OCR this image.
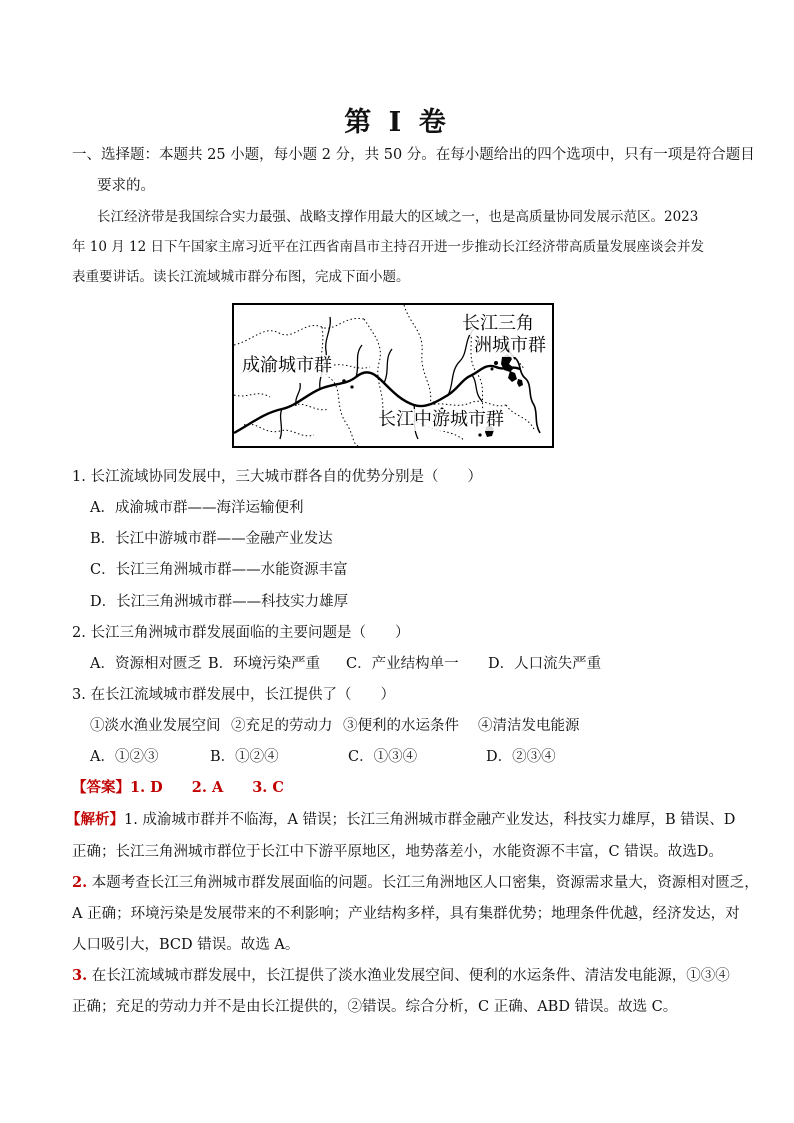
第 I 卷
一、选择题：本题共 25 小题，每小题 2 分，共 50 分。在每小题给出的四个选项中，只有一项是符合题目
要求的。
长江经济带是我国综合实力最强、战略支撑作用最大的区域之一，也是高质量协同发展示范区。2023
年 10 月 12 日下午国家主席习近平在江西省南昌市主持召开进一步推动长江经济带高质量发展座谈会并发
表重要讲话。读长江流域城市群分布图，完成下面小题。
成渝城市群
长江三角
洲城市群
长江中游城市群
1. 长江流域协同发展中，三大城市群各自的优势分别是（　　）
A．成渝城市群——海洋运输便利
B．长江中游城市群——金融产业发达
C．长江三角洲城市群——水能资源丰富
D．长江三角洲城市群——科技实力雄厚
2. 长江三角洲城市群发展面临的主要问题是（　　）
A．资源相对匮乏 B．环境污染严重 C．产业结构单一 D．人口流失严重
3. 在长江流域城市群发展中，长江提供了（　　）
①淡水渔业发展空间 ②充足的劳动力 ③便利的水运条件 ④清洁发电能源
A．①②③	B．①②④	C．①③④	D．②③④
【答案】1. D　　2. A　　3. C
【解析】1. 成渝城市群并不临海，A 错误；长江三角洲城市群金融产业发达，科技实力雄厚，B 错误、D
正确；长江三角洲城市群位于长江中下游平原地区，地势落差小，水能资源不丰富，C 错误。故选D。
2. 本题考查长江三角洲城市群发展面临的问题。长江三角洲地区人口密集，资源需求量大，资源相对匮乏，
A 正确；环境污染是发展带来的不利影响；产业结构多样，具有集群优势；地理条件优越，经济发达，对
人口吸引大，BCD 错误。故选 A。
3. 在长江流域城市群发展中，长江提供了淡水渔业发展空间、便利的水运条件、清洁发电能源，①③④
正确；充足的劳动力并不是由长江提供的，②错误。综合分析，C 正确、ABD 错误。故选 C。
